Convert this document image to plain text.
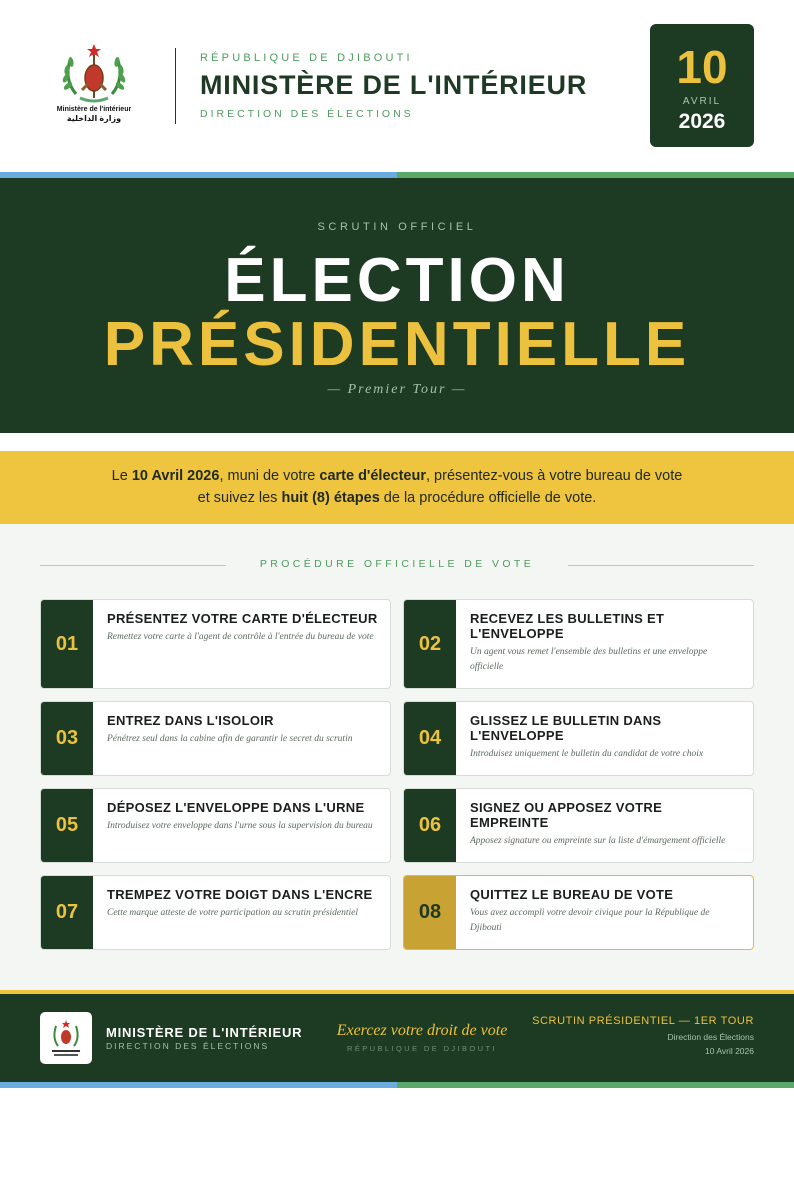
Ministère de l'intérieur
وزارة الداخلية
RÉPUBLIQUE DE DJIBOUTI
MINISTÈRE DE L'INTÉRIEUR
DIRECTION DES ÉLECTIONS
10
AVRIL
2026
SCRUTIN OFFICIEL
ÉLECTION
PRÉSIDENTIELLE
— Premier Tour —
Le 10 Avril 2026, muni de votre carte d'électeur, présentez-vous à votre bureau de vote
et suivez les huit (8) étapes de la procédure officielle de vote.
PROCÉDURE OFFICIELLE DE VOTE
01
PRÉSENTEZ VOTRE CARTE D'ÉLECTEUR
Remettez votre carte à l'agent de contrôle à l'entrée du bureau de vote	02
RECEVEZ LES BULLETINS ET L'ENVELOPPE
Un agent vous remet l'ensemble des bulletins et une enveloppe officielle
03
ENTREZ DANS L'ISOLOIR
Pénétrez seul dans la cabine afin de garantir le secret du scrutin	04
GLISSEZ LE BULLETIN DANS L'ENVELOPPE
Introduisez uniquement le bulletin du candidat de votre choix
05
DÉPOSEZ L'ENVELOPPE DANS L'URNE
Introduisez votre enveloppe dans l'urne sous la supervision du bureau	06
SIGNEZ OU APPOSEZ VOTRE EMPREINTE
Apposez signature ou empreinte sur la liste d'émargement officielle
07
TREMPEZ VOTRE DOIGT DANS L'ENCRE
Cette marque atteste de votre participation au scrutin présidentiel	08
QUITTEZ LE BUREAU DE VOTE
Vous avez accompli votre devoir civique pour la République de Djibouti
MINISTÈRE DE L'INTÉRIEUR
DIRECTION DES ÉLECTIONS
Exercez votre droit de vote
RÉPUBLIQUE DE DJIBOUTI
SCRUTIN PRÉSIDENTIEL — 1ER TOUR
Direction des Élections
10 Avril 2026
